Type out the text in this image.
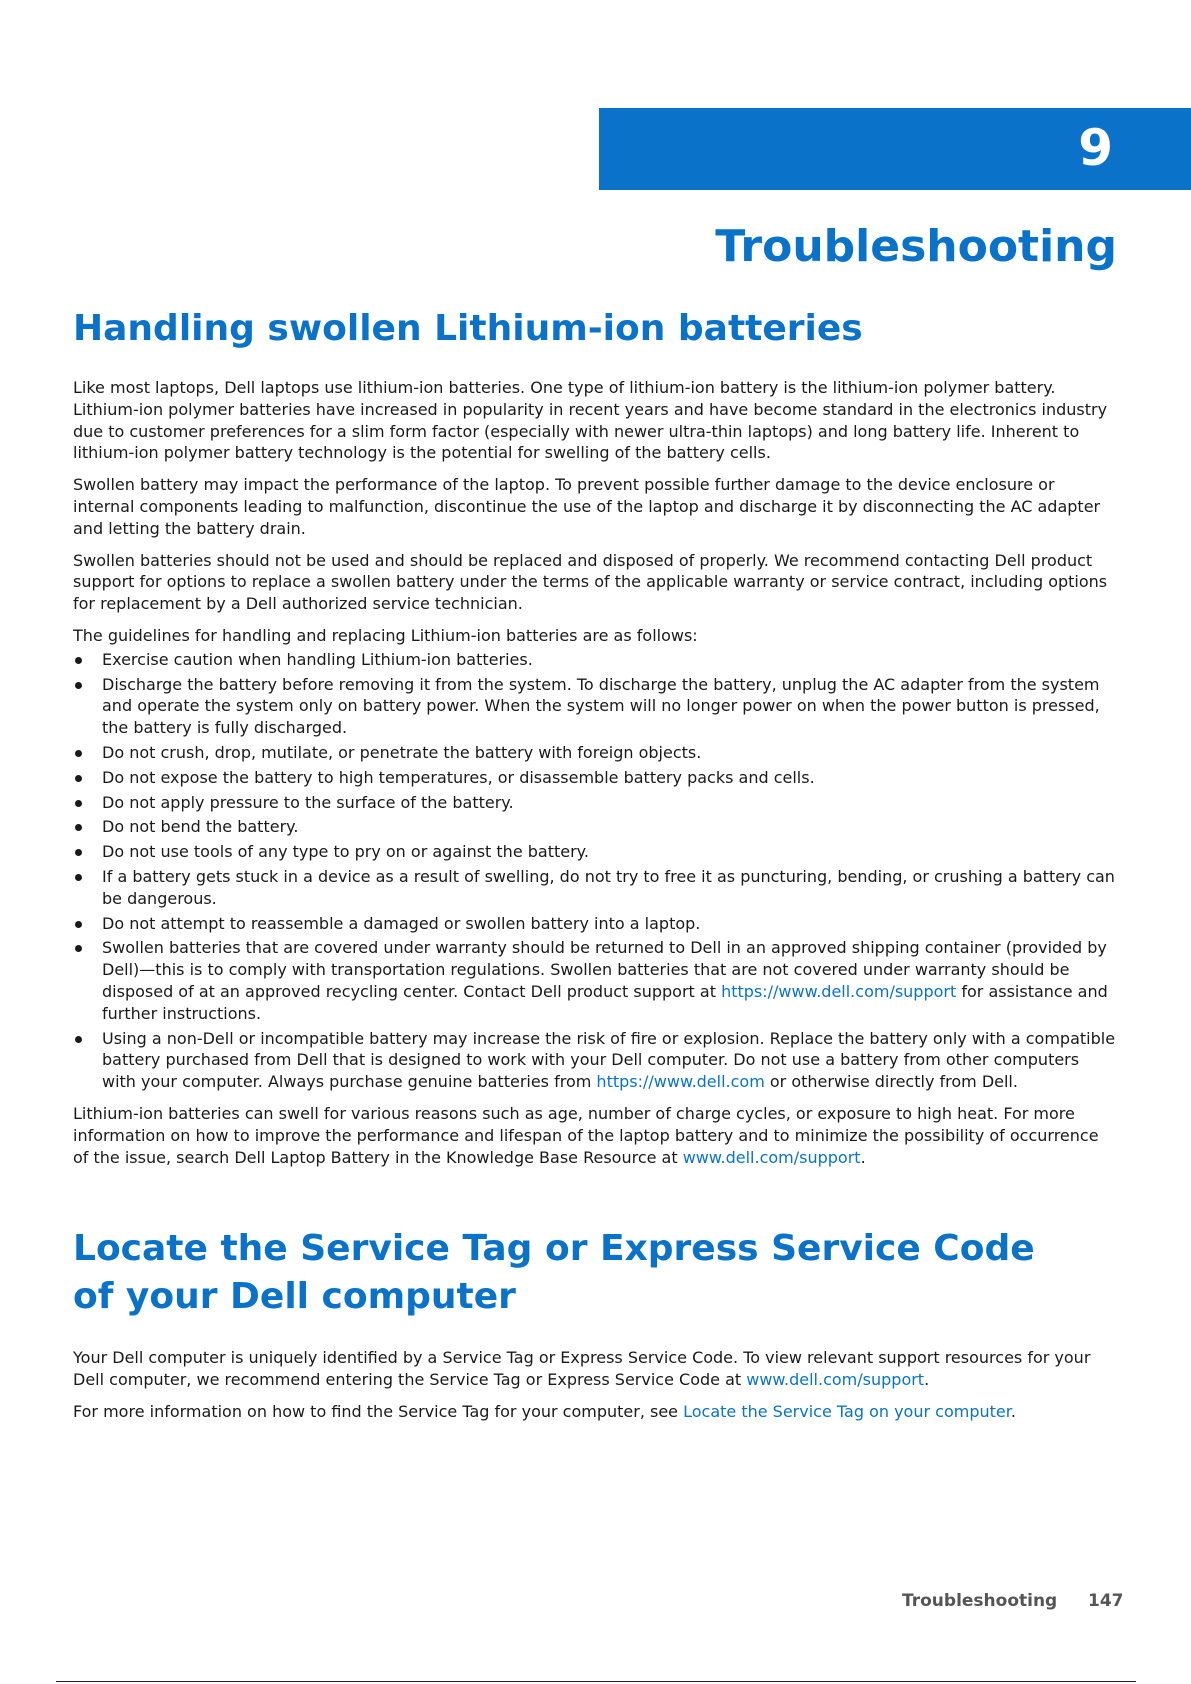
9
Troubleshooting
Handling swollen Lithium-ion batteries

Like most laptops, Dell laptops use lithium-ion batteries. One type of lithium-ion battery is the lithium-ion polymer battery. Lithium-ion polymer batteries have increased in popularity in recent years and have become standard in the electronics industry due to customer preferences for a slim form factor (especially with newer ultra-thin laptops) and long battery life. Inherent to lithium-ion polymer battery technology is the potential for swelling of the battery cells.

Swollen battery may impact the performance of the laptop. To prevent possible further damage to the device enclosure or internal components leading to malfunction, discontinue the use of the laptop and discharge it by disconnecting the AC adapter and letting the battery drain.

Swollen batteries should not be used and should be replaced and disposed of properly. We recommend contacting Dell product support for options to replace a swollen battery under the terms of the applicable warranty or service contract, including options for replacement by a Dell authorized service technician.

The guidelines for handling and replacing Lithium-ion batteries are as follows:

Exercise caution when handling Lithium-ion batteries.
Discharge the battery before removing it from the system. To discharge the battery, unplug the AC adapter from the system and operate the system only on battery power. When the system will no longer power on when the power button is pressed, the battery is fully discharged.
Do not crush, drop, mutilate, or penetrate the battery with foreign objects.
Do not expose the battery to high temperatures, or disassemble battery packs and cells.
Do not apply pressure to the surface of the battery.
Do not bend the battery.
Do not use tools of any type to pry on or against the battery.
If a battery gets stuck in a device as a result of swelling, do not try to free it as puncturing, bending, or crushing a battery can be dangerous.
Do not attempt to reassemble a damaged or swollen battery into a laptop.
Swollen batteries that are covered under warranty should be returned to Dell in an approved shipping container (provided by Dell)—this is to comply with transportation regulations. Swollen batteries that are not covered under warranty should be disposed of at an approved recycling center. Contact Dell product support at https://www.dell.com/support for assistance and further instructions.
Using a non-Dell or incompatible battery may increase the risk of fire or explosion. Replace the battery only with a compatible battery purchased from Dell that is designed to work with your Dell computer. Do not use a battery from other computers with your computer. Always purchase genuine batteries from https://www.dell.com or otherwise directly from Dell.

Lithium-ion batteries can swell for various reasons such as age, number of charge cycles, or exposure to high heat. For more information on how to improve the performance and lifespan of the laptop battery and to minimize the possibility of occurrence of the issue, search Dell Laptop Battery in the Knowledge Base Resource at www.dell.com/support.

Locate the Service Tag or Express Service Code of your Dell computer

Your Dell computer is uniquely identified by a Service Tag or Express Service Code. To view relevant support resources for your Dell computer, we recommend entering the Service Tag or Express Service Code at www.dell.com/support.

For more information on how to find the Service Tag for your computer, see Locate the Service Tag on your computer.

Troubleshooting 147
